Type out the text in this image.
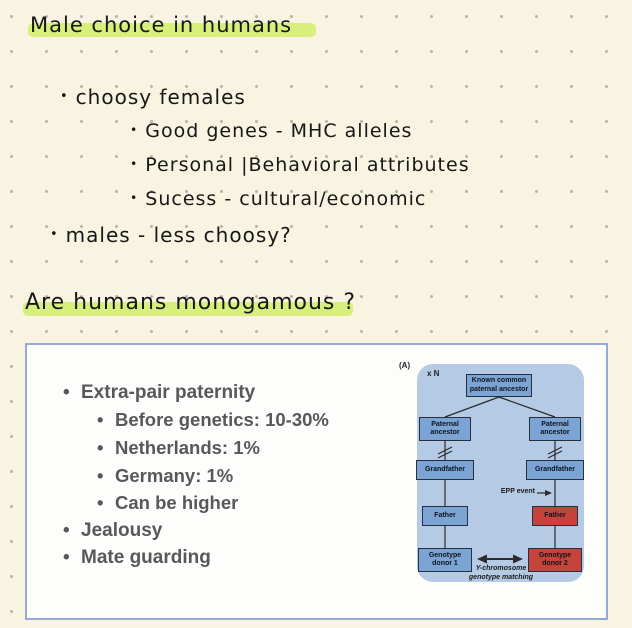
Male choice in humans
• choosy females
• Good genes - MHC alleles
• Personal |Behavioral attributes
• Sucess - cultural/economic
• males - less choosy?
Are humans monogamous ?
• Extra-pair paternity
• Before genetics: 10-30%
• Netherlands: 1%
• Germany: 1%
• Can be higher
• Jealousy
• Mate guarding
(A)
x N
Known common paternal ancestor
Paternal ancestor
Paternal ancestor
Grandfather	Grandfather
Father	Father
Genotype donor 1
Genotype donor 2
EPP event
Y-chromosome
genotype matching
